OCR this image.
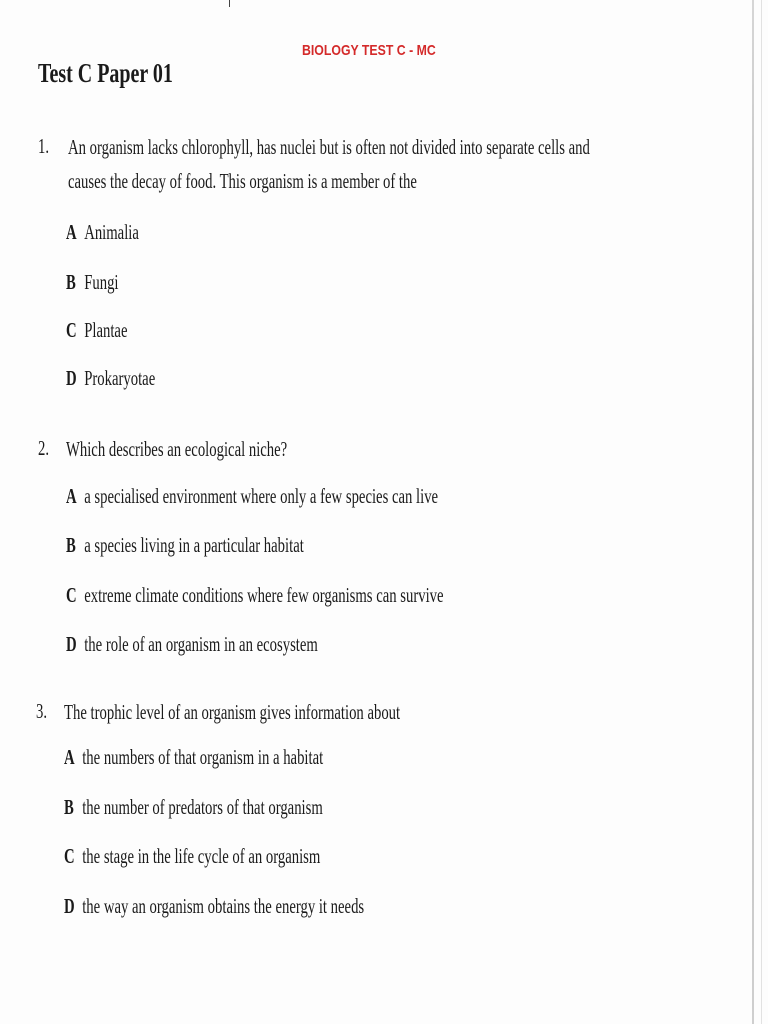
BIOLOGY TEST C - MC
Test C Paper 01
1. An organism lacks chlorophyll, has nuclei but is often not divided into separate cells and
causes the decay of food. This organism is a member of the
A Animalia
B Fungi
C Plantae
D Prokaryotae
2. Which describes an ecological niche?
A a specialised environment where only a few species can live
B a species living in a particular habitat
C extreme climate conditions where few organisms can survive
D the role of an organism in an ecosystem
3. The trophic level of an organism gives information about
A the numbers of that organism in a habitat
B the number of predators of that organism
C the stage in the life cycle of an organism
D the way an organism obtains the energy it needs
